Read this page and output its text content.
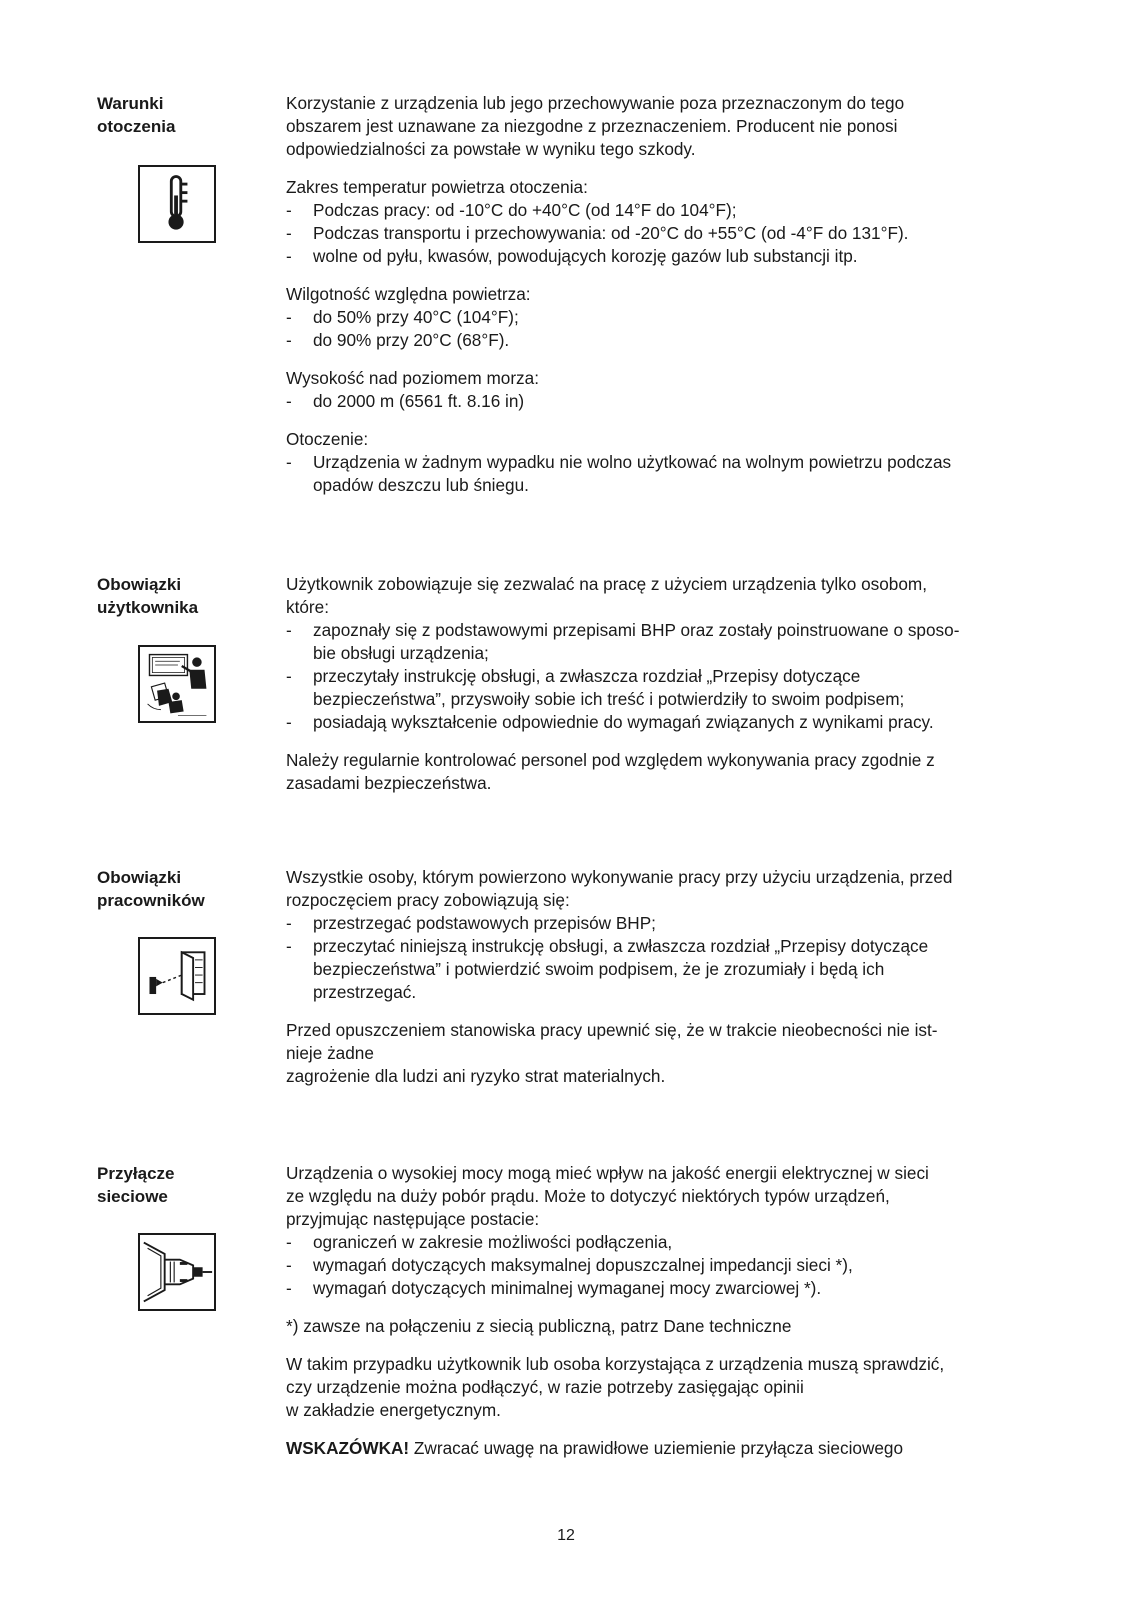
Warunki
otoczenia

Korzystanie z urządzenia lub jego przechowywanie poza przeznaczonym do tego

obszarem jest uznawane za niezgodne z przeznaczeniem. Producent nie ponosi

odpowiedzialności za powstałe w wyniku tego szkody.

Zakres temperatur powietrza otoczenia:

-	Podczas pracy: od -10°C do +40°C (od 14°F do 104°F);
-	Podczas transportu i przechowywania: od -20°C do +55°C (od -4°F do 131°F).
-	wolne od pyłu, kwasów, powodujących korozję gazów lub substancji itp.

Wilgotność względna powietrza:

-	do 50% przy 40°C (104°F);
-	do 90% przy 20°C (68°F).

Wysokość nad poziomem morza:

-	do 2000 m (6561 ft. 8.16 in)

Otoczenie:

-	Urządzenia w żadnym wypadku nie wolno użytkować na wolnym powietrzu podczas
opadów deszczu lub śniegu.
Obowiązki
użytkownika

Użytkownik zobowiązuje się zezwalać na pracę z użyciem urządzenia tylko osobom,

które:

-	zapoznały się z podstawowymi przepisami BHP oraz zostały poinstruowane o sposo-
bie obsługi urządzenia;
-	przeczytały instrukcję obsługi, a zwłaszcza rozdział „Przepisy dotyczące
bezpieczeństwa”, przyswoiły sobie ich treść i potwierdziły to swoim podpisem;
-	posiadają wykształcenie odpowiednie do wymagań związanych z wynikami pracy.

Należy regularnie kontrolować personel pod względem wykonywania pracy zgodnie z

zasadami bezpieczeństwa.

Obowiązki
pracowników

Wszystkie osoby, którym powierzono wykonywanie pracy przy użyciu urządzenia, przed

rozpoczęciem pracy zobowiązują się:

-	przestrzegać podstawowych przepisów BHP;
-	przeczytać niniejszą instrukcję obsługi, a zwłaszcza rozdział „Przepisy dotyczące
bezpieczeństwa” i potwierdzić swoim podpisem, że je zrozumiały i będą ich
przestrzegać.

Przed opuszczeniem stanowiska pracy upewnić się, że w trakcie nieobecności nie ist-

nieje żadne

zagrożenie dla ludzi ani ryzyko strat materialnych.

Przyłącze
sieciowe

Urządzenia o wysokiej mocy mogą mieć wpływ na jakość energii elektrycznej w sieci

ze względu na duży pobór prądu. Może to dotyczyć niektórych typów urządzeń,

przyjmując następujące postacie:

-	ograniczeń w zakresie możliwości podłączenia,
-	wymagań dotyczących maksymalnej dopuszczalnej impedancji sieci *),
-	wymagań dotyczących minimalnej wymaganej mocy zwarciowej *).

*) zawsze na połączeniu z siecią publiczną, patrz Dane techniczne

W takim przypadku użytkownik lub osoba korzystająca z urządzenia muszą sprawdzić,

czy urządzenie można podłączyć, w razie potrzeby zasięgając opinii

w zakładzie energetycznym.

WSKAZÓWKA! Zwracać uwagę na prawidłowe uziemienie przyłącza sieciowego

12
